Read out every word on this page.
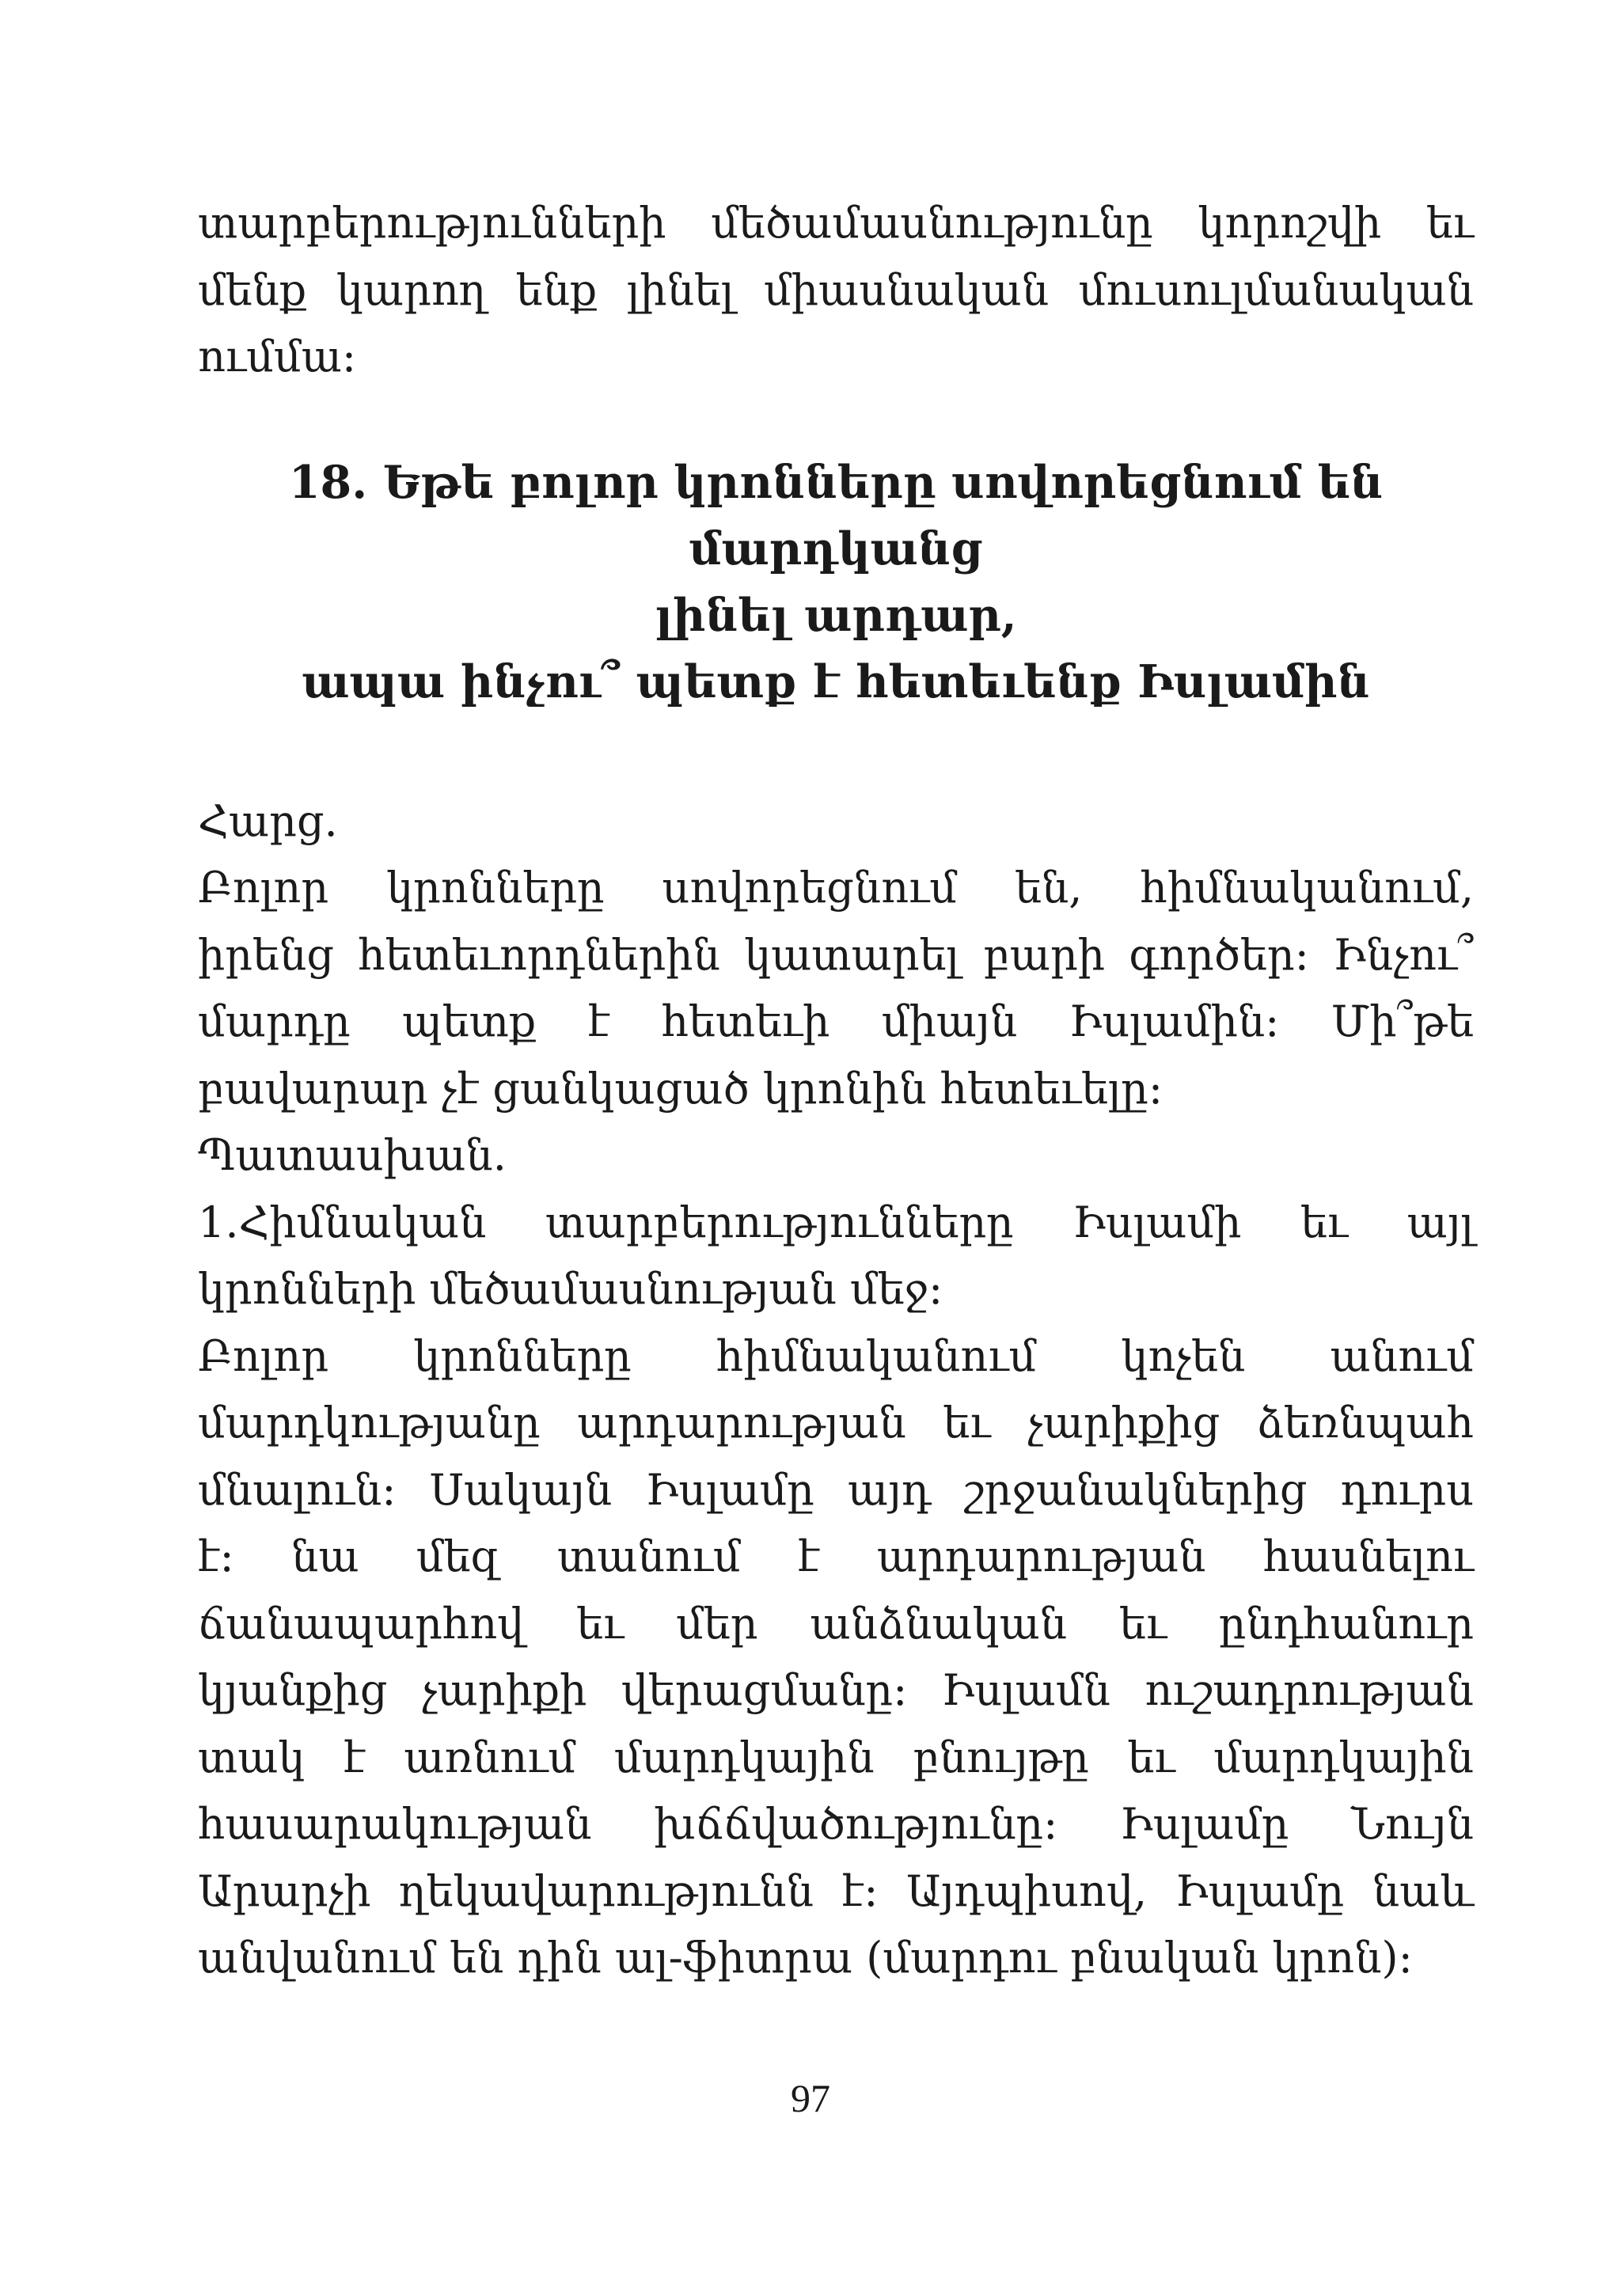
տարբերությունների մեծամասնությունը կորոշվի եւ
մենք կարող ենք լինել միասնական մուսուլմանական
ումմա:

18. Եթե բոլոր կրոնները սովորեցնում են մարդկանց
լինել արդար,
ապա ինչու՞ պետք է հետեւենք Իսլամին

Հարց.
Բոլոր կրոնները սովորեցնում են, հիմնականում,
իրենց հետեւորդներին կատարել բարի գործեր: Ինչու՞
մարդը պետք է հետեւի միայն Իսլամին: Մի՞թե
բավարար չէ ցանկացած կրոնին հետեւելը:
Պատասխան.
1.Հիմնական տարբերությունները Իսլամի եւ այլ
կրոնների մեծամասնության մեջ:
Բոլոր կրոնները հիմնականում կոչեն անում
մարդկությանը արդարության եւ չարիքից ձեռնպահ
մնալուն: Սակայն Իսլամը այդ շրջանակներից դուրս
է: նա մեզ տանում է արդարության հասնելու
ճանապարհով եւ մեր անձնական եւ ընդհանուր
կյանքից չարիքի վերացմանը: Իսլամն ուշադրության
տակ է առնում մարդկային բնույթը եւ մարդկային
հասարակության խճճվածությունը: Իսլամը Նույն
Արարչի ղեկավարությունն է: Այդպիսով, Իսլամը նաև
անվանում են դին ալ-ֆիտրա (մարդու բնական կրոն):

97
